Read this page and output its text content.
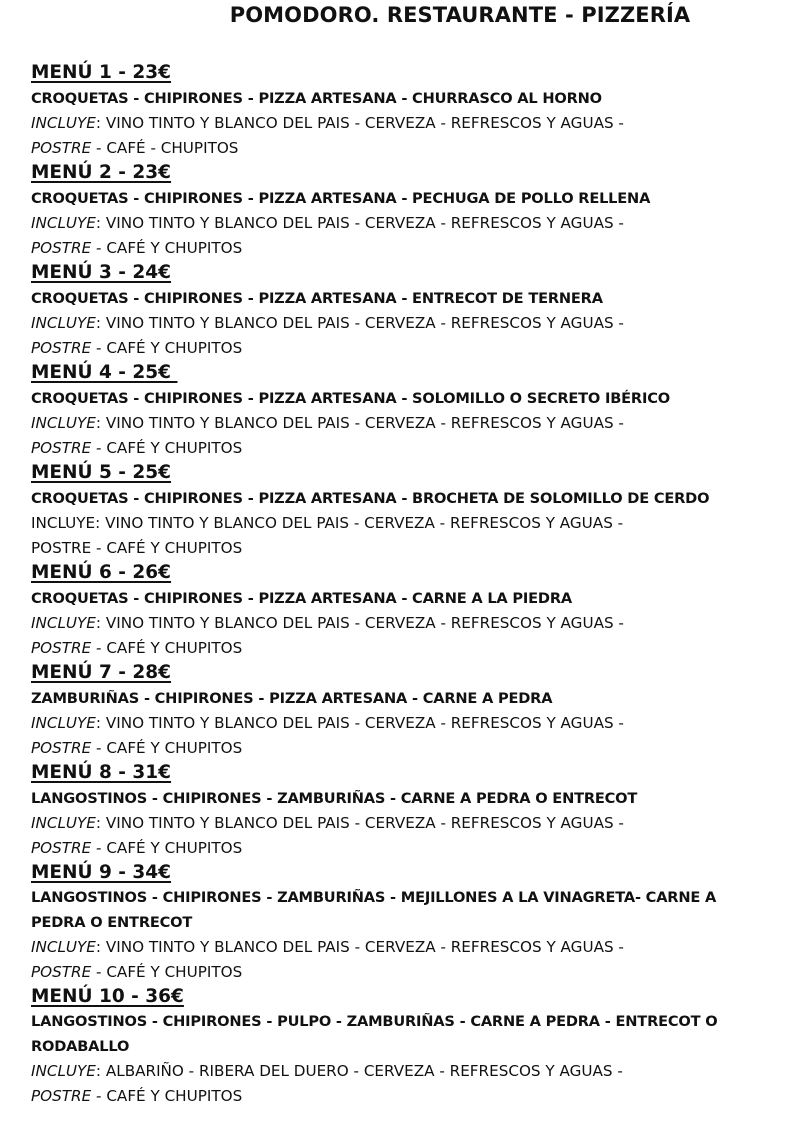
POMODORO. RESTAURANTE - PIZZERÍA
MENÚ 1 - 23€
CROQUETAS - CHIPIRONES - PIZZA ARTESANA - CHURRASCO AL HORNO
INCLUYE: VINO TINTO Y BLANCO DEL PAIS - CERVEZA - REFRESCOS Y AGUAS -
POSTRE - CAFÉ - CHUPITOS
MENÚ 2 - 23€
CROQUETAS - CHIPIRONES - PIZZA ARTESANA - PECHUGA DE POLLO RELLENA
INCLUYE: VINO TINTO Y BLANCO DEL PAIS - CERVEZA - REFRESCOS Y AGUAS -
POSTRE - CAFÉ Y CHUPITOS
MENÚ 3 - 24€
CROQUETAS - CHIPIRONES - PIZZA ARTESANA - ENTRECOT DE TERNERA
INCLUYE: VINO TINTO Y BLANCO DEL PAIS - CERVEZA - REFRESCOS Y AGUAS -
POSTRE - CAFÉ Y CHUPITOS
MENÚ 4 - 25€
CROQUETAS - CHIPIRONES - PIZZA ARTESANA - SOLOMILLO O SECRETO IBÉRICO
INCLUYE: VINO TINTO Y BLANCO DEL PAIS - CERVEZA - REFRESCOS Y AGUAS -
POSTRE - CAFÉ Y CHUPITOS
MENÚ 5 - 25€
CROQUETAS - CHIPIRONES - PIZZA ARTESANA - BROCHETA DE SOLOMILLO DE CERDO
INCLUYE: VINO TINTO Y BLANCO DEL PAIS - CERVEZA - REFRESCOS Y AGUAS -
POSTRE - CAFÉ Y CHUPITOS
MENÚ 6 - 26€
CROQUETAS - CHIPIRONES - PIZZA ARTESANA - CARNE A LA PIEDRA
INCLUYE: VINO TINTO Y BLANCO DEL PAIS - CERVEZA - REFRESCOS Y AGUAS -
POSTRE - CAFÉ Y CHUPITOS
MENÚ 7 - 28€
ZAMBURIÑAS - CHIPIRONES - PIZZA ARTESANA - CARNE A PEDRA
INCLUYE: VINO TINTO Y BLANCO DEL PAIS - CERVEZA - REFRESCOS Y AGUAS -
POSTRE - CAFÉ Y CHUPITOS
MENÚ 8 - 31€
LANGOSTINOS - CHIPIRONES - ZAMBURIÑAS - CARNE A PEDRA O ENTRECOT
INCLUYE: VINO TINTO Y BLANCO DEL PAIS - CERVEZA - REFRESCOS Y AGUAS -
POSTRE - CAFÉ Y CHUPITOS
MENÚ 9 - 34€
LANGOSTINOS - CHIPIRONES - ZAMBURIÑAS - MEJILLONES A LA VINAGRETA- CARNE A PEDRA O ENTRECOT
INCLUYE: VINO TINTO Y BLANCO DEL PAIS - CERVEZA - REFRESCOS Y AGUAS -
POSTRE - CAFÉ Y CHUPITOS
MENÚ 10 - 36€
LANGOSTINOS - CHIPIRONES - PULPO - ZAMBURIÑAS - CARNE A PEDRA - ENTRECOT O RODABALLO
INCLUYE: ALBARIÑO - RIBERA DEL DUERO - CERVEZA - REFRESCOS Y AGUAS -
POSTRE - CAFÉ Y CHUPITOS
